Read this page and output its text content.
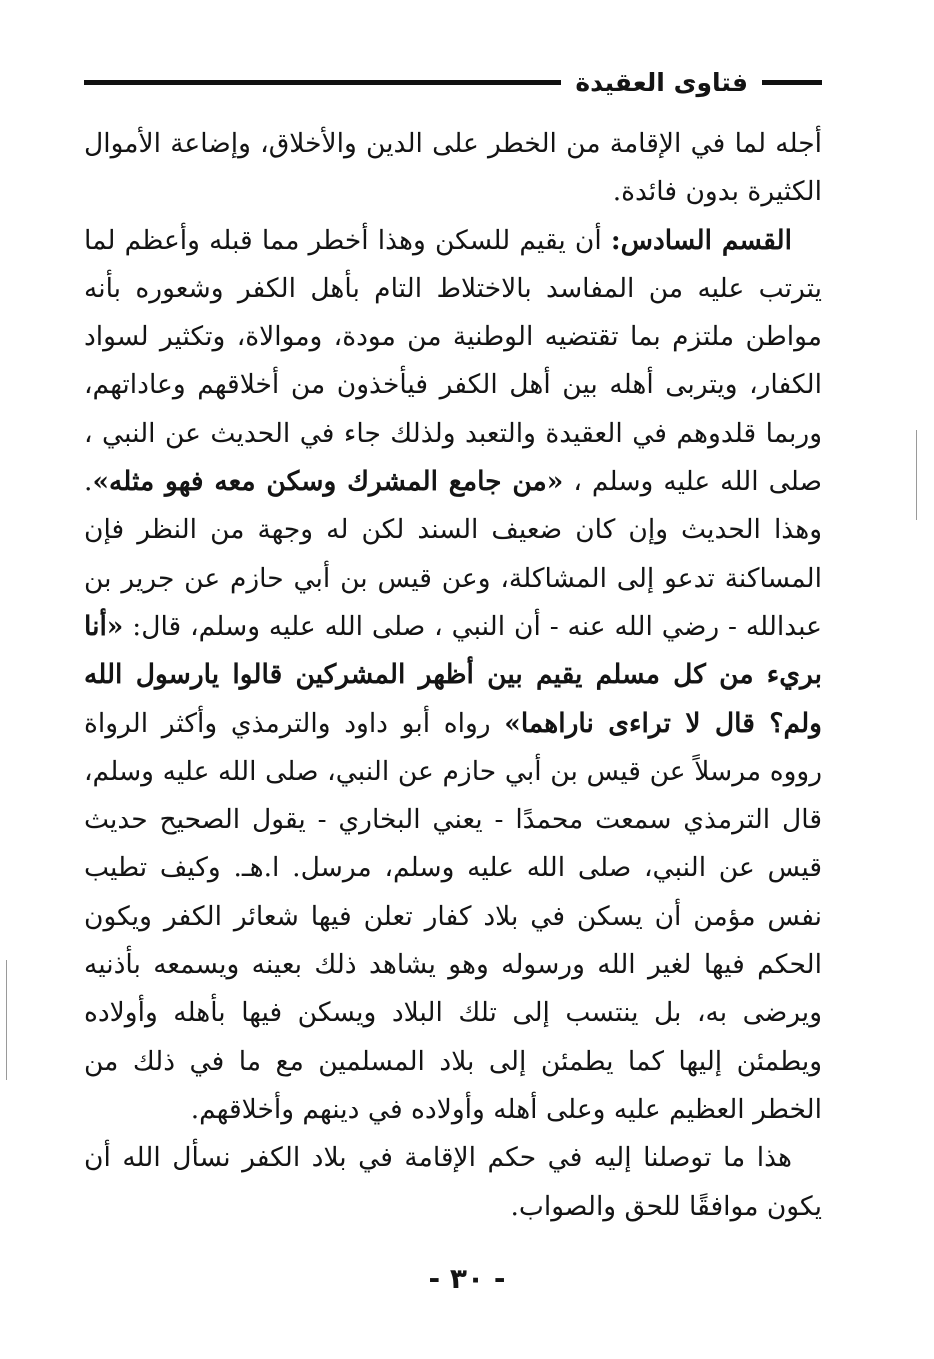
فتاوى العقيدة

أجله لما في الإقامة من الخطر على الدين والأخلاق، وإضاعة الأموال الكثيرة بدون فائدة.

القسم السادس: أن يقيم للسكن وهذا أخطر مما قبله وأعظم لما يترتب عليه من المفاسد بالاختلاط التام بأهل الكفر وشعوره بأنه مواطن ملتزم بما تقتضيه الوطنية من مودة، وموالاة، وتكثير لسواد الكفار، ويتربى أهله بين أهل الكفر فيأخذون من أخلاقهم وعاداتهم، وربما قلدوهم في العقيدة والتعبد ولذلك جاء في الحديث عن النبي ، صلى الله عليه وسلم ، «من جامع المشرك وسكن معه فهو مثله». وهذا الحديث وإن كان ضعيف السند لكن له وجهة من النظر فإن المساكنة تدعو إلى المشاكلة، وعن قيس بن أبي حازم عن جرير بن عبدالله - رضي الله عنه - أن النبي ، صلى الله عليه وسلم، قال: «أنا بريء من كل مسلم يقيم بين أظهر المشركين قالوا يارسول الله ولم؟ قال لا تراءى ناراهما» رواه أبو داود والترمذي وأكثر الرواة رووه مرسلاً عن قيس بن أبي حازم عن النبي، صلى الله عليه وسلم، قال الترمذي سمعت محمدًا - يعني البخاري - يقول الصحيح حديث قيس عن النبي، صلى الله عليه وسلم، مرسل. ا.هـ. وكيف تطيب نفس مؤمن أن يسكن في بلاد كفار تعلن فيها شعائر الكفر ويكون الحكم فيها لغير الله ورسوله وهو يشاهد ذلك بعينه ويسمعه بأذنيه ويرضى به، بل ينتسب إلى تلك البلاد ويسكن فيها بأهله وأولاده ويطمئن إليها كما يطمئن إلى بلاد المسلمين مع ما في ذلك من الخطر العظيم عليه وعلى أهله وأولاده في دينهم وأخلاقهم.

هذا ما توصلنا إليه في حكم الإقامة في بلاد الكفر نسأل الله أن يكون موافقًا للحق والصواب.

- ٣٠ -
